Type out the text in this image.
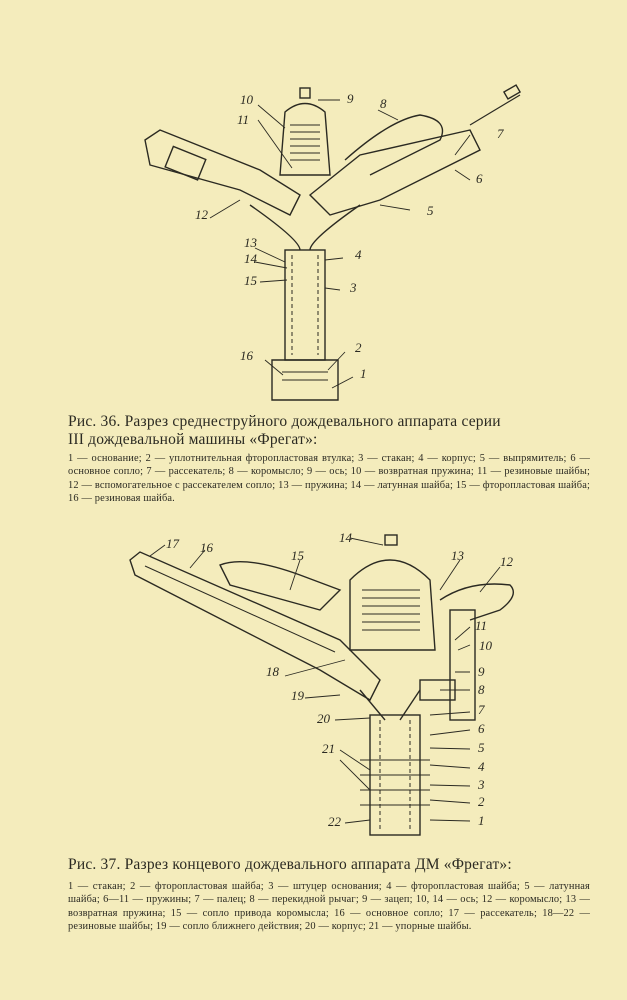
10
11
9 8
7
6
5
12
13
14
15
4
3
16
2
1
Рис. 36. Разрез среднеструйного дождевального аппарата серии
III дождевальной машины «Фрегат»:
1 — основание; 2 — уплотнительная фторопластовая втулка; 3 — стакан; 4 — корпус; 5 — выпрямитель; 6 — основное сопло; 7 — рассекатель; 8 — коромысло; 9 — ось; 10 — возвратная пружина; 11 — резиновые шайбы; 12 — вспомогательное с рассекателем сопло; 13 — пружина; 14 — латунная шайба; 15 — фторопластовая шайба; 16 — резиновая шайба.
17 16
15
14
13	12
11
10
9
8
7
6
5
4
3
2
1
18
19
20
21
22
Рис. 37. Разрез концевого дождевального аппарата ДМ «Фрегат»:
1 — стакан; 2 — фторопластовая шайба; 3 — штуцер основания; 4 — фторопластовая шайба; 5 — латунная шайба; 6—11 — пружины; 7 — палец; 8 — перекидной рычаг; 9 — зацеп; 10, 14 — ось; 12 — коромысло; 13 — возвратная пружина; 15 — сопло привода коромысла; 16 — основное сопло; 17 — рассекатель; 18—22 — резиновые шайбы; 19 — сопло ближнего действия; 20 — корпус; 21 — упорные шайбы.
